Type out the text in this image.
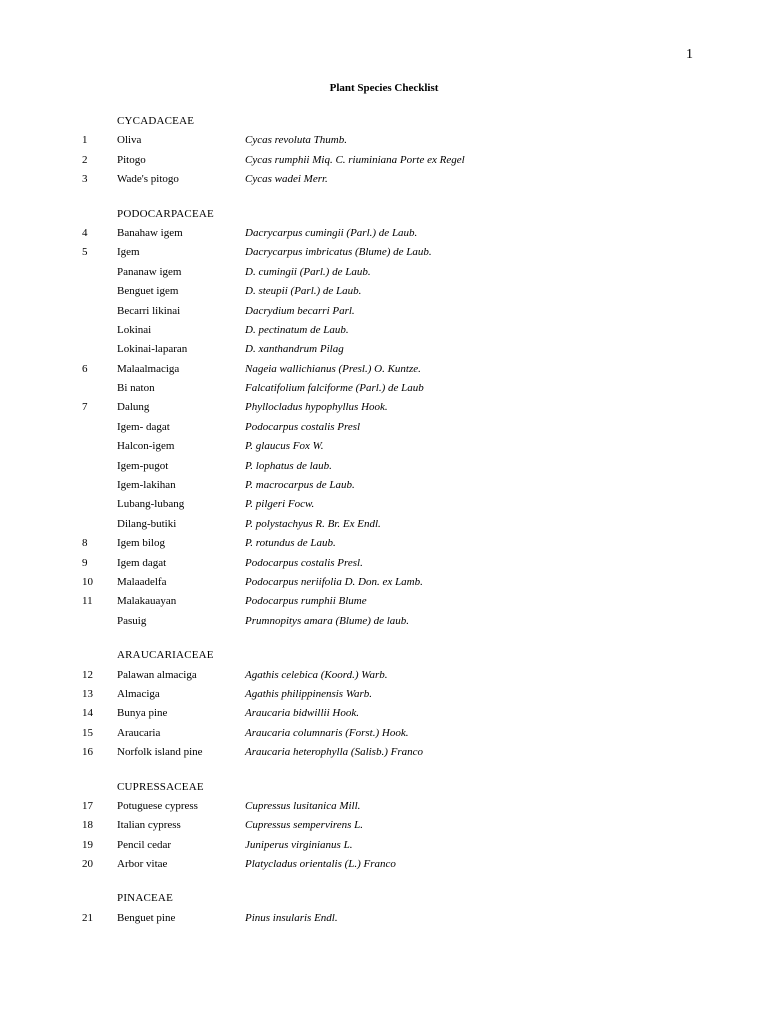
1
Plant Species Checklist
CYCADACEAE
1	Oliva	Cycas revoluta Thumb.
2	Pitogo	Cycas rumphii Miq. C. riuminiana Porte ex Regel
3	Wade's pitogo	Cycas wadei Merr.
PODOCARPACEAE
4	Banahaw igem	Dacrycarpus cumingii (Parl.) de Laub.
5	Igem	Dacrycarpus imbricatus (Blume) de Laub.
Pananaw igem	D. cumingii (Parl.) de Laub.
Benguet igem	D. steupii (Parl.) de Laub.
Becarri likinai	Dacrydium becarri Parl.
Lokinai	D. pectinatum de Laub.
Lokinai-laparan	D. xanthandrum Pilag
6	Malaalmaciga	Nageia wallichianus (Presl.) O. Kuntze.
Bi naton	Falcatifolium falciforme (Parl.) de Laub
7	Dalung	Phyllocladus hypophyllus Hook.
Igem- dagat	Podocarpus costalis Presl
Halcon-igem	P. glaucus Fox W.
Igem-pugot	P. lophatus de laub.
Igem-lakihan	P. macrocarpus de Laub.
Lubang-lubang	P. pilgeri Focw.
Dilang-butiki	P. polystachyus R. Br. Ex Endl.
8	Igem bilog	P. rotundus de Laub.
9	Igem dagat	Podocarpus costalis Presl.
10 Malaadelfa	Podocarpus neriifolia D. Don. ex Lamb.
11 Malakauayan	Podocarpus rumphii Blume
Pasuig	Prumnopitys amara (Blume) de laub.
ARAUCARIACEAE
12 Palawan almaciga	Agathis celebica (Koord.) Warb.
13 Almaciga	Agathis philippinensis Warb.
14 Bunya pine	Araucaria bidwillii Hook.
15 Araucaria	Araucaria columnaris (Forst.) Hook.
16 Norfolk island pine	Araucaria heterophylla (Salisb.) Franco
CUPRESSACEAE
17 Potuguese cypress	Cupressus lusitanica Mill.
18 Italian cypress	Cupressus sempervirens L.
19 Pencil cedar	Juniperus virginianus L.
20 Arbor vitae	Platycladus orientalis (L.) Franco
PINACEAE
21 Benguet pine	Pinus insularis Endl.
